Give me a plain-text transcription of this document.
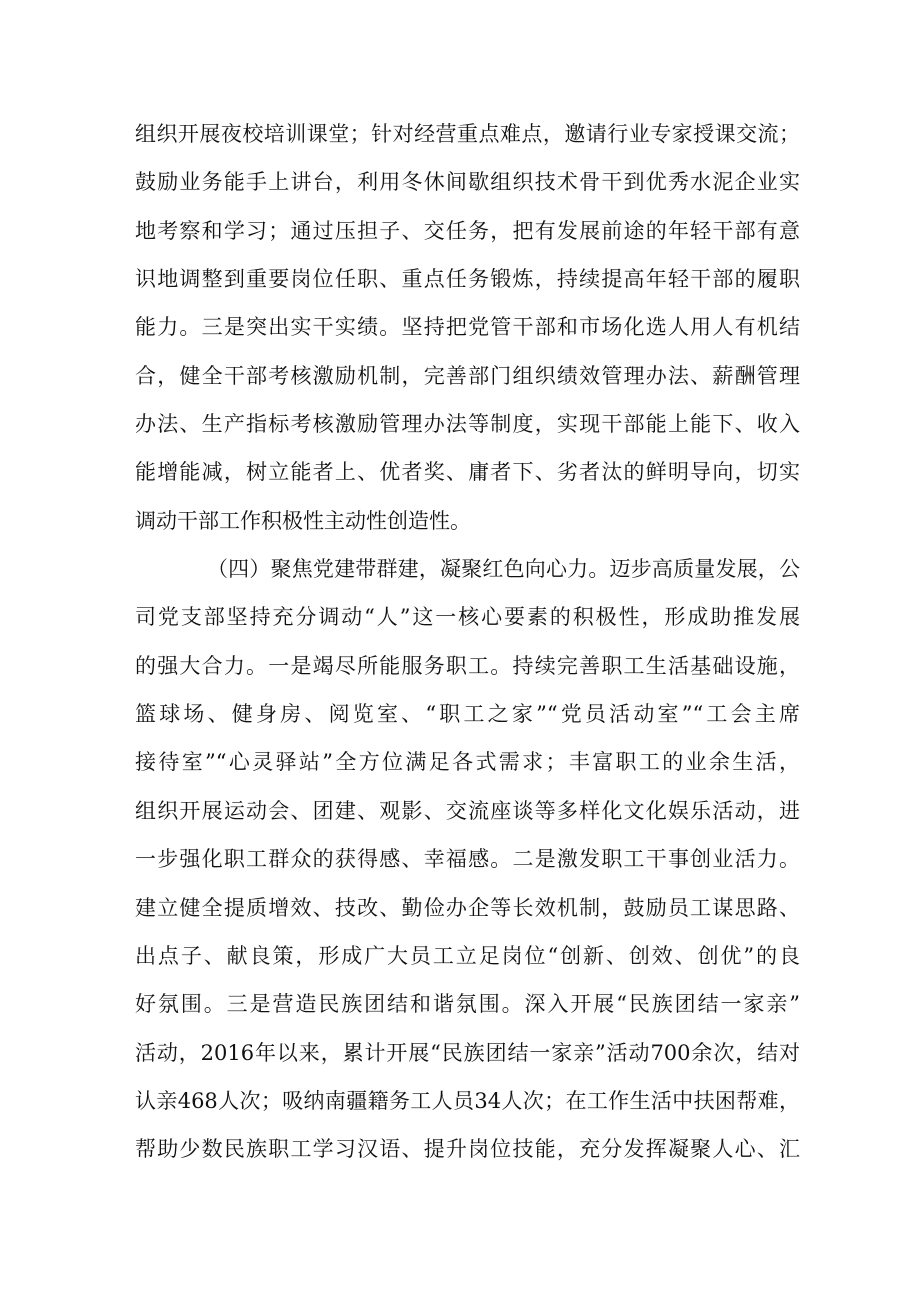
组织开展夜校培训课堂；针对经营重点难点，邀请行业专家授课交流；
鼓励业务能手上讲台，利用冬休间歇组织技术骨干到优秀水泥企业实
地考察和学习；通过压担子、交任务，把有发展前途的年轻干部有意
识地调整到重要岗位任职、重点任务锻炼，持续提高年轻干部的履职
能力。三是突出实干实绩。坚持把党管干部和市场化选人用人有机结
合，健全干部考核激励机制，完善部门组织绩效管理办法、薪酬管理
办法、生产指标考核激励管理办法等制度，实现干部能上能下、收入
能增能减，树立能者上、优者奖、庸者下、劣者汰的鲜明导向，切实
调动干部工作积极性主动性创造性。
（四）聚焦党建带群建，凝聚红色向心力。迈步高质量发展，公
司党支部坚持充分调动“人”这一核心要素的积极性，形成助推发展
的强大合力。一是竭尽所能服务职工。持续完善职工生活基础设施，
篮球场、健身房、阅览室、“职工之家”“党员活动室”“工会主席
接待室”“心灵驿站”全方位满足各式需求；丰富职工的业余生活，
组织开展运动会、团建、观影、交流座谈等多样化文化娱乐活动，进
一步强化职工群众的获得感、幸福感。二是激发职工干事创业活力。
建立健全提质增效、技改、勤俭办企等长效机制，鼓励员工谋思路、
出点子、献良策，形成广大员工立足岗位“创新、创效、创优”的良
好氛围。三是营造民族团结和谐氛围。深入开展“民族团结一家亲”
活动，2016年以来，累计开展“民族团结一家亲”活动700余次，结对
认亲468人次；吸纳南疆籍务工人员34人次；在工作生活中扶困帮难，
帮助少数民族职工学习汉语、提升岗位技能，充分发挥凝聚人心、汇
